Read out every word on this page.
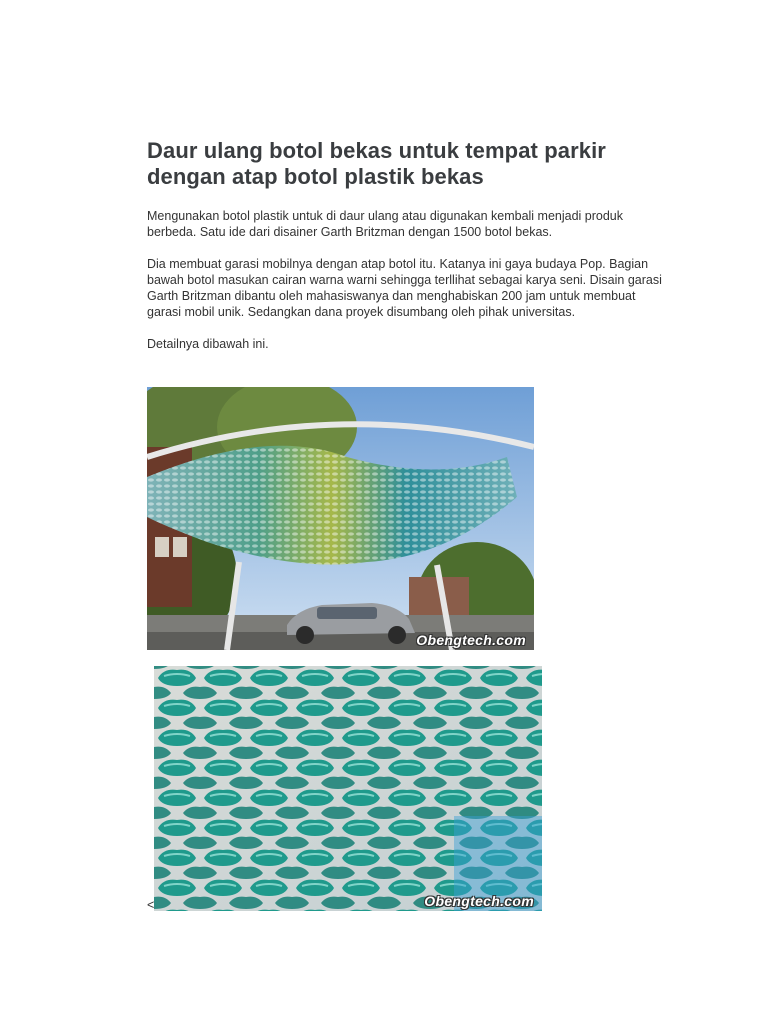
Daur ulang botol bekas untuk tempat parkir dengan atap botol plastik bekas

Mengunakan botol plastik untuk di daur ulang atau digunakan kembali menjadi produk berbeda. Satu ide dari disainer Garth Britzman dengan 1500 botol bekas.

Dia membuat garasi mobilnya dengan atap botol itu. Katanya ini gaya budaya Pop. Bagian bawah botol masukan cairan warna warni sehingga terllihat sebagai karya seni. Disain garasi Garth Britzman dibantu oleh mahasiswanya dan menghabiskan 200 jam untuk membuat garasi mobil unik. Sedangkan dana proyek disumbang oleh pihak universitas.

Detailnya dibawah ini.

Obengtech.com
Obengtech.com
<
